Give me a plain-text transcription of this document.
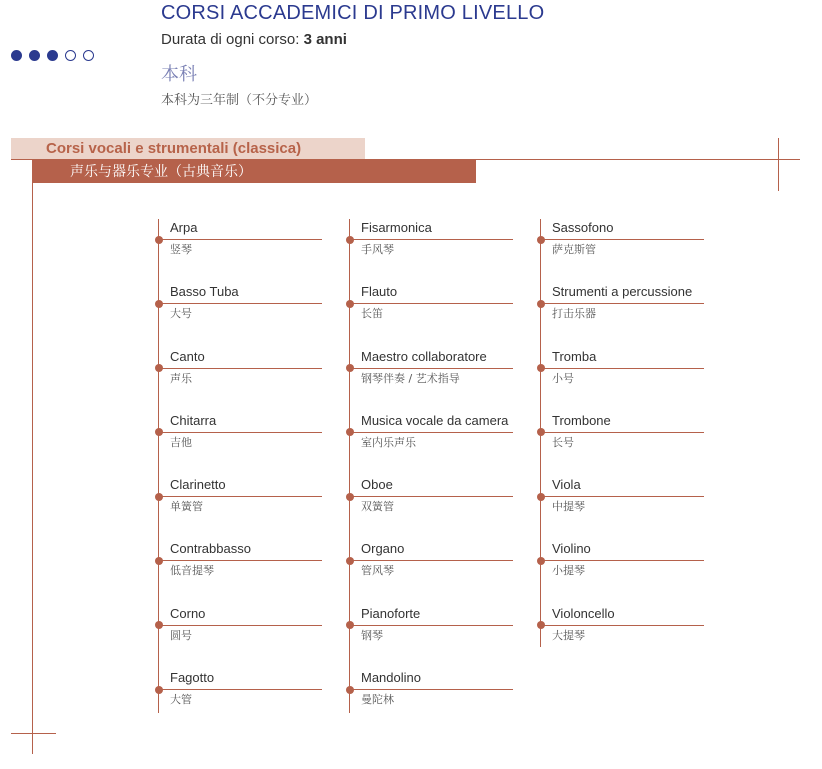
CORSI ACCADEMICI DI PRIMO LIVELLO
Durata di ogni corso: 3 anni
本科
本科为三年制（不分专业）
Corsi vocali e strumentali (classica)
声乐与器乐专业（古典音乐）
Arpa
竖琴
Basso Tuba
大号
Canto
声乐
Chitarra
吉他
Clarinetto
单簧管
Contrabbasso
低音提琴
Corno
圆号
Fagotto
大管
Fisarmonica
手风琴
Flauto
长笛
Maestro collaboratore
钢琴伴奏 / 艺术指导
Musica vocale da camera
室内乐声乐
Oboe
双簧管
Organo
管风琴
Pianoforte
钢琴
Mandolino
曼陀林
Sassofono
萨克斯管
Strumenti a percussione
打击乐器
Tromba
小号
Trombone
长号
Viola
中提琴
Violino
小提琴
Violoncello
大提琴
